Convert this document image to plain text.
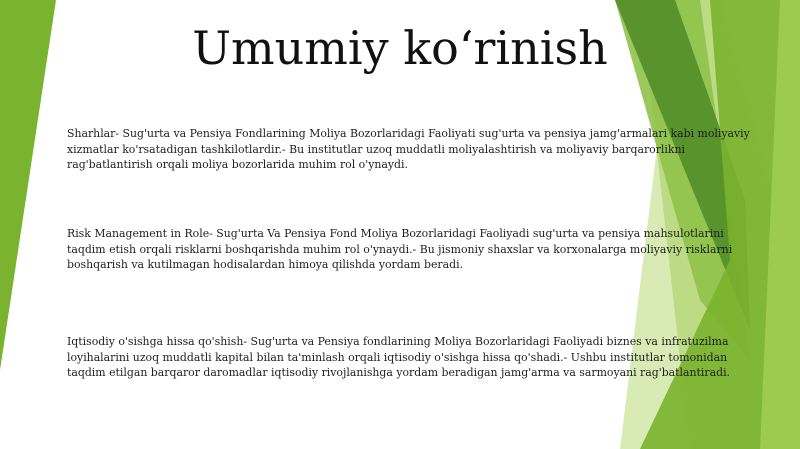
Umumiy ko‘rinish

Sharhlar- Sug'urta va Pensiya Fondlarining Moliya Bozorlaridagi Faoliyati sug'urta va pensiya jamg'armalari kabi moliyaviy xizmatlar ko'rsatadigan tashkilotlardir.- Bu institutlar uzoq muddatli moliyalashtirish va moliyaviy barqarorlikni rag'batlantirish orqali moliya bozorlarida muhim rol o'ynaydi.

Risk Management in Role- Sug'urta Va Pensiya Fond Moliya Bozorlaridagi Faoliyadi sug'urta va pensiya mahsulotlarini taqdim etish orqali risklarni boshqarishda muhim rol o'ynaydi.- Bu jismoniy shaxslar va korxonalarga moliyaviy risklarni boshqarish va kutilmagan hodisalardan himoya qilishda yordam beradi.

Iqtisodiy o'sishga hissa qo'shish- Sug'urta va Pensiya fondlarining Moliya Bozorlaridagi Faoliyadi biznes va infratuzilma loyihalarini uzoq muddatli kapital bilan ta'minlash orqali iqtisodiy o'sishga hissa qo'shadi.- Ushbu institutlar tomonidan taqdim etilgan barqaror daromadlar iqtisodiy rivojlanishga yordam beradigan jamg'arma va sarmoyani rag'batlantiradi.
